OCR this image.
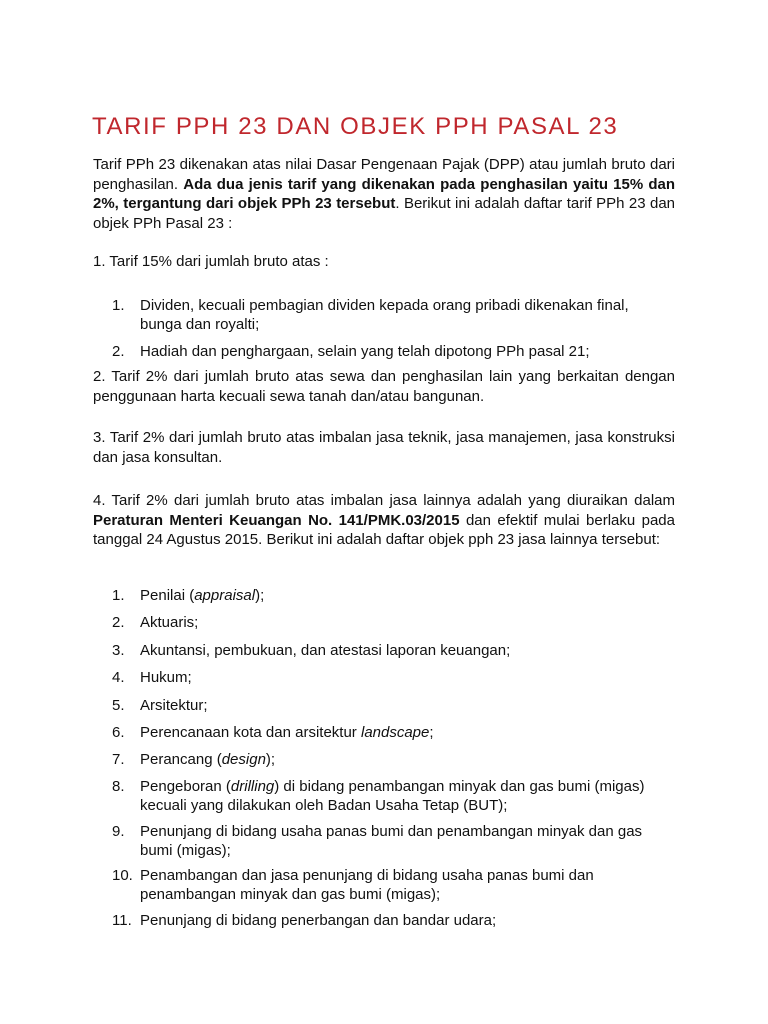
TARIF PPH 23 DAN OBJEK PPH PASAL 23

Tarif PPh 23 dikenakan atas nilai Dasar Pengenaan Pajak (DPP) atau jumlah bruto dari penghasilan. Ada dua jenis tarif yang dikenakan pada penghasilan yaitu 15% dan 2%, tergantung dari objek PPh 23 tersebut. Berikut ini adalah daftar tarif PPh 23 dan objek PPh Pasal 23 :

1. Tarif 15% dari jumlah bruto atas :

1. Dividen, kecuali pembagian dividen kepada orang pribadi dikenakan final, bunga dan royalti;
2. Hadiah dan penghargaan, selain yang telah dipotong PPh pasal 21;

2. Tarif 2% dari jumlah bruto atas sewa dan penghasilan lain yang berkaitan dengan penggunaan harta kecuali sewa tanah dan/atau bangunan.

3. Tarif 2% dari jumlah bruto atas imbalan jasa teknik, jasa manajemen, jasa konstruksi dan jasa konsultan.

4. Tarif 2% dari jumlah bruto atas imbalan jasa lainnya adalah yang diuraikan dalam Peraturan Menteri Keuangan No. 141/PMK.03/2015 dan efektif mulai berlaku pada tanggal 24 Agustus 2015. Berikut ini adalah daftar objek pph 23 jasa lainnya tersebut:

1. Penilai (appraisal);
2. Aktuaris;
3. Akuntansi, pembukuan, dan atestasi laporan keuangan;
4. Hukum;
5. Arsitektur;
6. Perencanaan kota dan arsitektur landscape;
7. Perancang (design);
8. Pengeboran (drilling) di bidang penambangan minyak dan gas bumi (migas) kecuali yang dilakukan oleh Badan Usaha Tetap (BUT);
9. Penunjang di bidang usaha panas bumi dan penambangan minyak dan gas bumi (migas);
10. Penambangan dan jasa penunjang di bidang usaha panas bumi dan penambangan minyak dan gas bumi (migas);
11. Penunjang di bidang penerbangan dan bandar udara;
